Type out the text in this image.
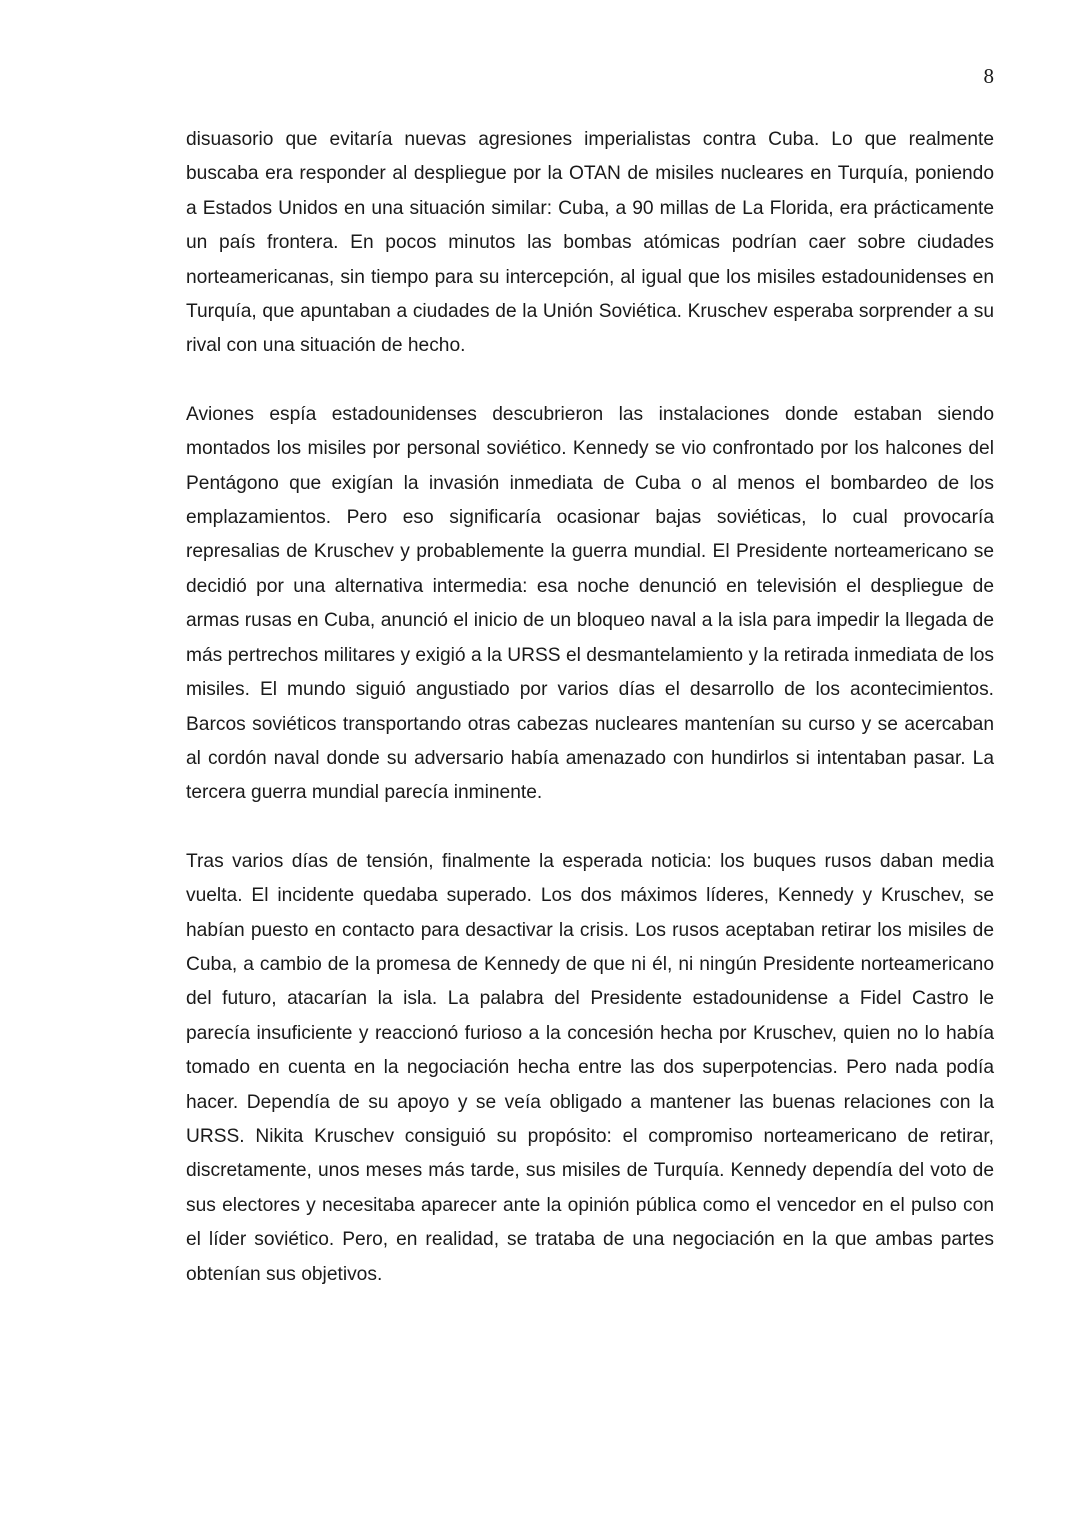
8

disuasorio que evitaría nuevas agresiones imperialistas contra Cuba. Lo que realmente buscaba era responder al despliegue por la OTAN de misiles nucleares en Turquía, poniendo a Estados Unidos en una situación similar: Cuba, a 90 millas de La Florida, era prácticamente un país frontera. En pocos minutos las bombas atómicas podrían caer sobre ciudades norteamericanas, sin tiempo para su intercepción, al igual que los misiles estadounidenses en Turquía, que apuntaban a ciudades de la Unión Soviética. Kruschev esperaba sorprender a su rival con una situación de hecho.

Aviones espía estadounidenses descubrieron las instalaciones donde estaban siendo montados los misiles por personal soviético. Kennedy se vio confrontado por los halcones del Pentágono que exigían la invasión inmediata de Cuba o al menos el bombardeo de los emplazamientos. Pero eso significaría ocasionar bajas soviéticas, lo cual provocaría represalias de Kruschev y probablemente la guerra mundial. El Presidente norteamericano se decidió por una alternativa intermedia: esa noche denunció en televisión el despliegue de armas rusas en Cuba, anunció el inicio de un bloqueo naval a la isla para impedir la llegada de más pertrechos militares y exigió a la URSS el desmantelamiento y la retirada inmediata de los misiles. El mundo siguió angustiado por varios días el desarrollo de los acontecimientos. Barcos soviéticos transportando otras cabezas nucleares mantenían su curso y se acercaban al cordón naval donde su adversario había amenazado con hundirlos si intentaban pasar. La tercera guerra mundial parecía inminente.

Tras varios días de tensión, finalmente la esperada noticia: los buques rusos daban media vuelta. El incidente quedaba superado. Los dos máximos líderes, Kennedy y Kruschev, se habían puesto en contacto para desactivar la crisis. Los rusos aceptaban retirar los misiles de Cuba, a cambio de la promesa de Kennedy de que ni él, ni ningún Presidente norteamericano del futuro, atacarían la isla. La palabra del Presidente estadounidense a Fidel Castro le parecía insuficiente y reaccionó furioso a la concesión hecha por Kruschev, quien no lo había tomado en cuenta en la negociación hecha entre las dos superpotencias. Pero nada podía hacer. Dependía de su apoyo y se veía obligado a mantener las buenas relaciones con la URSS. Nikita Kruschev consiguió su propósito: el compromiso norteamericano de retirar, discretamente, unos meses más tarde, sus misiles de Turquía. Kennedy dependía del voto de sus electores y necesitaba aparecer ante la opinión pública como el vencedor en el pulso con el líder soviético. Pero, en realidad, se trataba de una negociación en la que ambas partes obtenían sus objetivos.
